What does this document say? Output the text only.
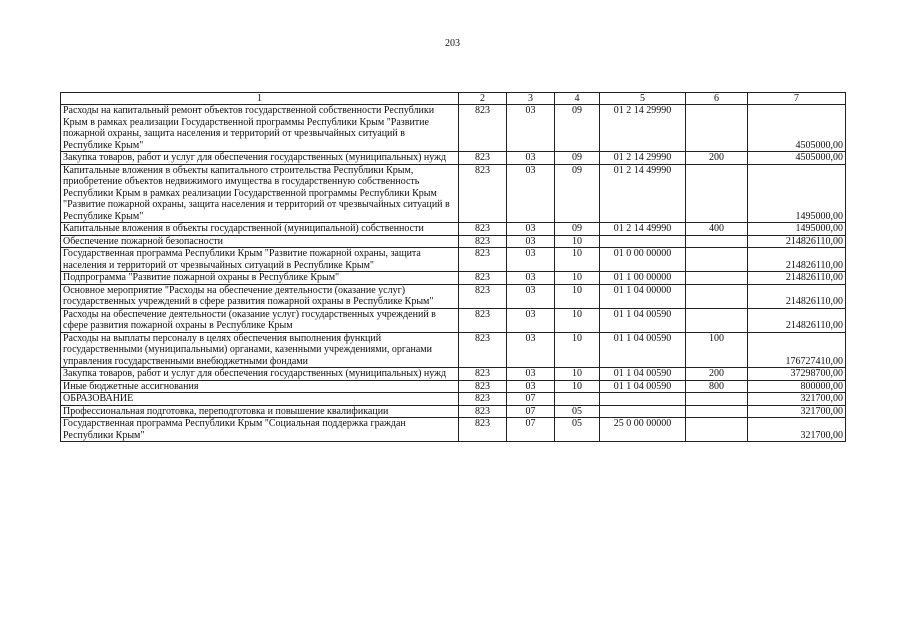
203
1	2	3	4	5	6	7
Расходы на капитальный ремонт объектов государственной собственности Республики Крым в рамках реализации Государственной программы Республики Крым "Развитие пожарной охраны, защита населения и территорий от чрезвычайных ситуаций в Республике Крым"	823	03	09	01 2 14 29990		4505000,00
Закупка товаров, работ и услуг для обеспечения государственных (муниципальных) нужд	823	03	09	01 2 14 29990	200	4505000,00
Капитальные вложения в объекты капитального строительства Республики Крым, приобретение объектов недвижимого имущества в государственную собственность Республики Крым в рамках реализации Государственной программы Республики Крым "Развитие пожарной охраны, защита населения и территорий от чрезвычайных ситуаций в Республике Крым"	823	03	09	01 2 14 49990		1495000,00
Капитальные вложения в объекты государственной (муниципальной) собственности	823	03	09	01 2 14 49990	400	1495000,00
Обеспечение пожарной безопасности	823	03	10			214826110,00
Государственная программа Республики Крым "Развитие пожарной охраны, защита населения и территорий от чрезвычайных ситуаций в Республике Крым"	823	03	10	01 0 00 00000		214826110,00
Подпрограмма "Развитие пожарной охраны в Республике Крым"	823	03	10	01 1 00 00000		214826110,00
Основное мероприятие "Расходы на обеспечение деятельности (оказание услуг) государственных учреждений в сфере развития пожарной охраны в Республике Крым"	823	03	10	01 1 04 00000		214826110,00
Расходы на обеспечение деятельности (оказание услуг) государственных учреждений в сфере развития пожарной охраны в Республике Крым	823	03	10	01 1 04 00590		214826110,00
Расходы на выплаты персоналу в целях обеспечения выполнения функций государственными (муниципальными) органами, казенными учреждениями, органами управления государственными внебюджетными фондами	823	03	10	01 1 04 00590	100	176727410,00
Закупка товаров, работ и услуг для обеспечения государственных (муниципальных) нужд	823	03	10	01 1 04 00590	200	37298700,00
Иные бюджетные ассигнования	823	03	10	01 1 04 00590	800	800000,00
ОБРАЗОВАНИЕ	823	07				321700,00
Профессиональная подготовка, переподготовка и повышение квалификации	823	07	05			321700,00
Государственная программа Республики Крым "Социальная поддержка граждан Республики Крым"	823	07	05	25 0 00 00000		321700,00
